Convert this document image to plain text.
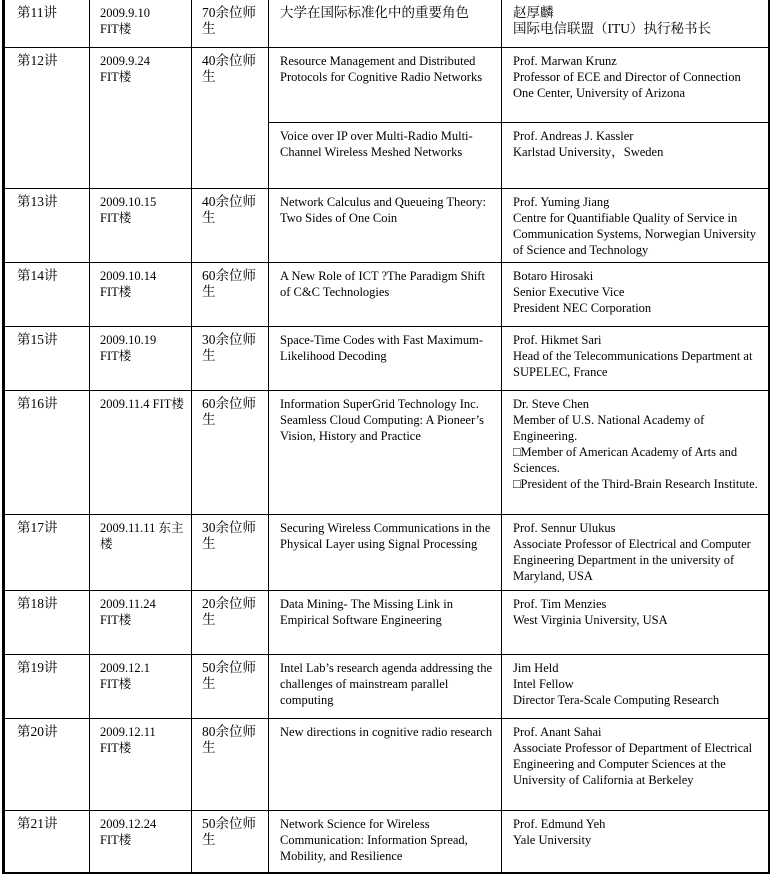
第11讲	2009.9.10
FIT楼	70余位师生	大学在国际标准化中的重要角色	赵厚麟
国际电信联盟（ITU）执行秘书长

第12讲	2009.9.24
FIT楼	40余位师生	Resource Management and Distributed Protocols for Cognitive Radio Networks	Prof. Marwan Krunz
Professor of ECE and Director of Connection One Center, University of Arizona

			Voice over IP over Multi-Radio Multi-Channel Wireless Meshed Networks	Prof. Andreas J. Kassler
Karlstad University，Sweden

第13讲	2009.10.15
FIT楼	40余位师生	Network Calculus and Queueing Theory:
Two Sides of One Coin	Prof. Yuming Jiang
Centre for Quantifiable Quality of Service in Communication Systems, Norwegian University of Science and Technology

第14讲	2009.10.14
FIT楼	60余位师生	A New Role of ICT ?The Paradigm Shift of C&C Technologies	Botaro Hirosaki
Senior Executive Vice
President NEC Corporation

第15讲	2009.10.19
FIT楼	30余位师生	Space-Time Codes with Fast Maximum-Likelihood Decoding	Prof. Hikmet Sari
Head of the Telecommunications Department at SUPELEC, France

第16讲	2009.11.4 FIT楼	60余位师生	Information SuperGrid Technology Inc.
Seamless Cloud Computing: A Pioneer’s Vision, History and Practice	Dr. Steve Chen
Member of U.S. National Academy of Engineering.
□Member of American Academy of Arts and Sciences.
□President of the Third-Brain Research Institute.

第17讲	2009.11.11 东主楼	30余位师生	Securing Wireless Communications in the Physical Layer using Signal Processing	Prof. Sennur Ulukus
Associate Professor of Electrical and Computer Engineering Department in the university of Maryland, USA

第18讲	2009.11.24
FIT楼	20余位师生	Data Mining- The Missing Link in Empirical Software Engineering	Prof. Tim Menzies
West Virginia University, USA

第19讲	2009.12.1
FIT楼	50余位师生	Intel Lab’s research agenda addressing the challenges of mainstream parallel computing	Jim Held
Intel Fellow
Director Tera-Scale Computing Research

第20讲	2009.12.11
FIT楼	80余位师生	New directions in cognitive radio research	Prof. Anant Sahai
Associate Professor of Department of Electrical Engineering and Computer Sciences at the University of California at Berkeley

第21讲	2009.12.24
FIT楼	50余位师生	Network Science for Wireless Communication: Information Spread, Mobility, and Resilience	Prof. Edmund Yeh
Yale University
